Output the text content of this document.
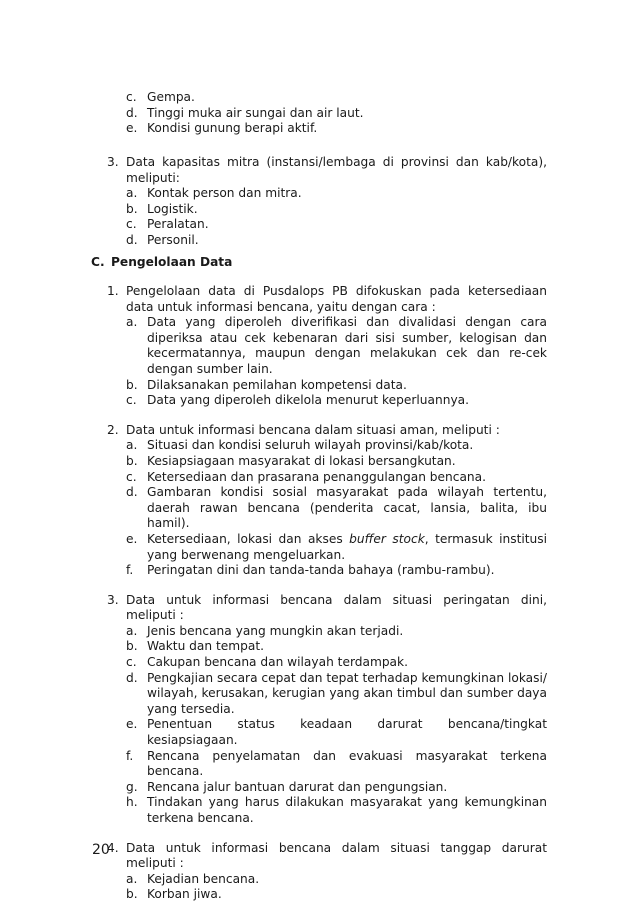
c. Gempa.
d. Tinggi muka air sungai dan air laut.
e. Kondisi gunung berapi aktif.
3. Data kapasitas mitra (instansi/lembaga di provinsi dan kab/kota), meliputi:
a. Kontak person dan mitra.
b. Logistik.
c. Peralatan.
d. Personil.
C. Pengelolaan Data
1. Pengelolaan data di Pusdalops PB difokuskan pada ketersediaan data untuk informasi bencana, yaitu dengan cara :
a. Data yang diperoleh diverifikasi dan divalidasi dengan cara diperiksa atau cek kebenaran dari sisi sumber, kelogisan dan kecermatannya, maupun dengan melakukan cek dan re-cek dengan sumber lain.
b. Dilaksanakan pemilahan kompetensi data.
c. Data yang diperoleh dikelola menurut keperluannya.
2. Data untuk informasi bencana dalam situasi aman, meliputi :
a. Situasi dan kondisi seluruh wilayah provinsi/kab/kota.
b. Kesiapsiagaan masyarakat di lokasi bersangkutan.
c. Ketersediaan dan prasarana penanggulangan bencana.
d. Gambaran kondisi sosial masyarakat pada wilayah tertentu, daerah rawan bencana (penderita cacat, lansia, balita, ibu hamil).
e. Ketersediaan, lokasi dan akses buffer stock, termasuk institusi yang berwenang mengeluarkan.
f. Peringatan dini dan tanda-tanda bahaya (rambu-rambu).
3. Data untuk informasi bencana dalam situasi peringatan dini, meliputi :
a. Jenis bencana yang mungkin akan terjadi.
b. Waktu dan tempat.
c. Cakupan bencana dan wilayah terdampak.
d. Pengkajian secara cepat dan tepat terhadap kemungkinan lokasi/ wilayah, kerusakan, kerugian yang akan timbul dan sumber daya yang tersedia.
e. Penentuan status keadaan darurat bencana/tingkat kesiapsiagaan.
f. Rencana penyelamatan dan evakuasi masyarakat terkena bencana.
g. Rencana jalur bantuan darurat dan pengungsian.
h. Tindakan yang harus dilakukan masyarakat yang kemungkinan terkena bencana.
4. Data untuk informasi bencana dalam situasi tanggap darurat meliputi :
a. Kejadian bencana.
b. Korban jiwa.
20
